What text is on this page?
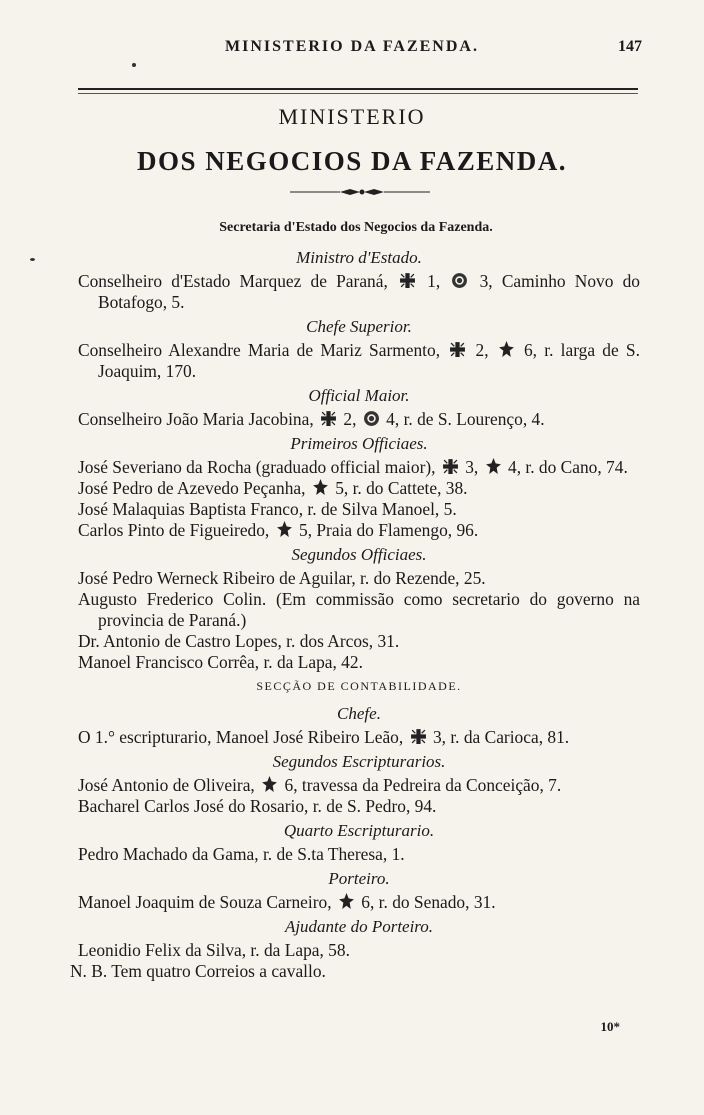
MINISTERIO DA FAZENDA.	147
MINISTERIO
DOS NEGOCIOS DA FAZENDA.
Secretaria d'Estado dos Negocios da Fazenda.
Ministro d'Estado.

Conselheiro d'Estado Marquez de Paraná, 1, 3, Caminho Novo do Botafogo, 5.

Chefe Superior.

Conselheiro Alexandre Maria de Mariz Sarmento, 2, 6, r. larga de S. Joaquim, 170.

Official Maior.

Conselheiro João Maria Jacobina, 2, 4, r. de S. Lourenço, 4.

Primeiros Officiaes.

José Severiano da Rocha (graduado official maior), 3, 4, r. do Cano, 74.

José Pedro de Azevedo Peçanha, 5, r. do Cattete, 38.

José Malaquias Baptista Franco, r. de Silva Manoel, 5.

Carlos Pinto de Figueiredo, 5, Praia do Flamengo, 96.

Segundos Officiaes.

José Pedro Werneck Ribeiro de Aguilar, r. do Rezende, 25.

Augusto Frederico Colin. (Em commissão como secretario do governo na provincia de Paraná.)

Dr. Antonio de Castro Lopes, r. dos Arcos, 31.

Manoel Francisco Corrêa, r. da Lapa, 42.

SECÇÃO DE CONTABILIDADE.
Chefe.

O 1.° escripturario, Manoel José Ribeiro Leão, 3, r. da Carioca, 81.

Segundos Escripturarios.

José Antonio de Oliveira, 6, travessa da Pedreira da Conceição, 7.

Bacharel Carlos José do Rosario, r. de S. Pedro, 94.

Quarto Escripturario.

Pedro Machado da Gama, r. de S.ta Theresa, 1.

Porteiro.

Manoel Joaquim de Souza Carneiro, 6, r. do Senado, 31.

Ajudante do Porteiro.

Leonidio Felix da Silva, r. da Lapa, 58.

N. B. Tem quatro Correios a cavallo.

10*
